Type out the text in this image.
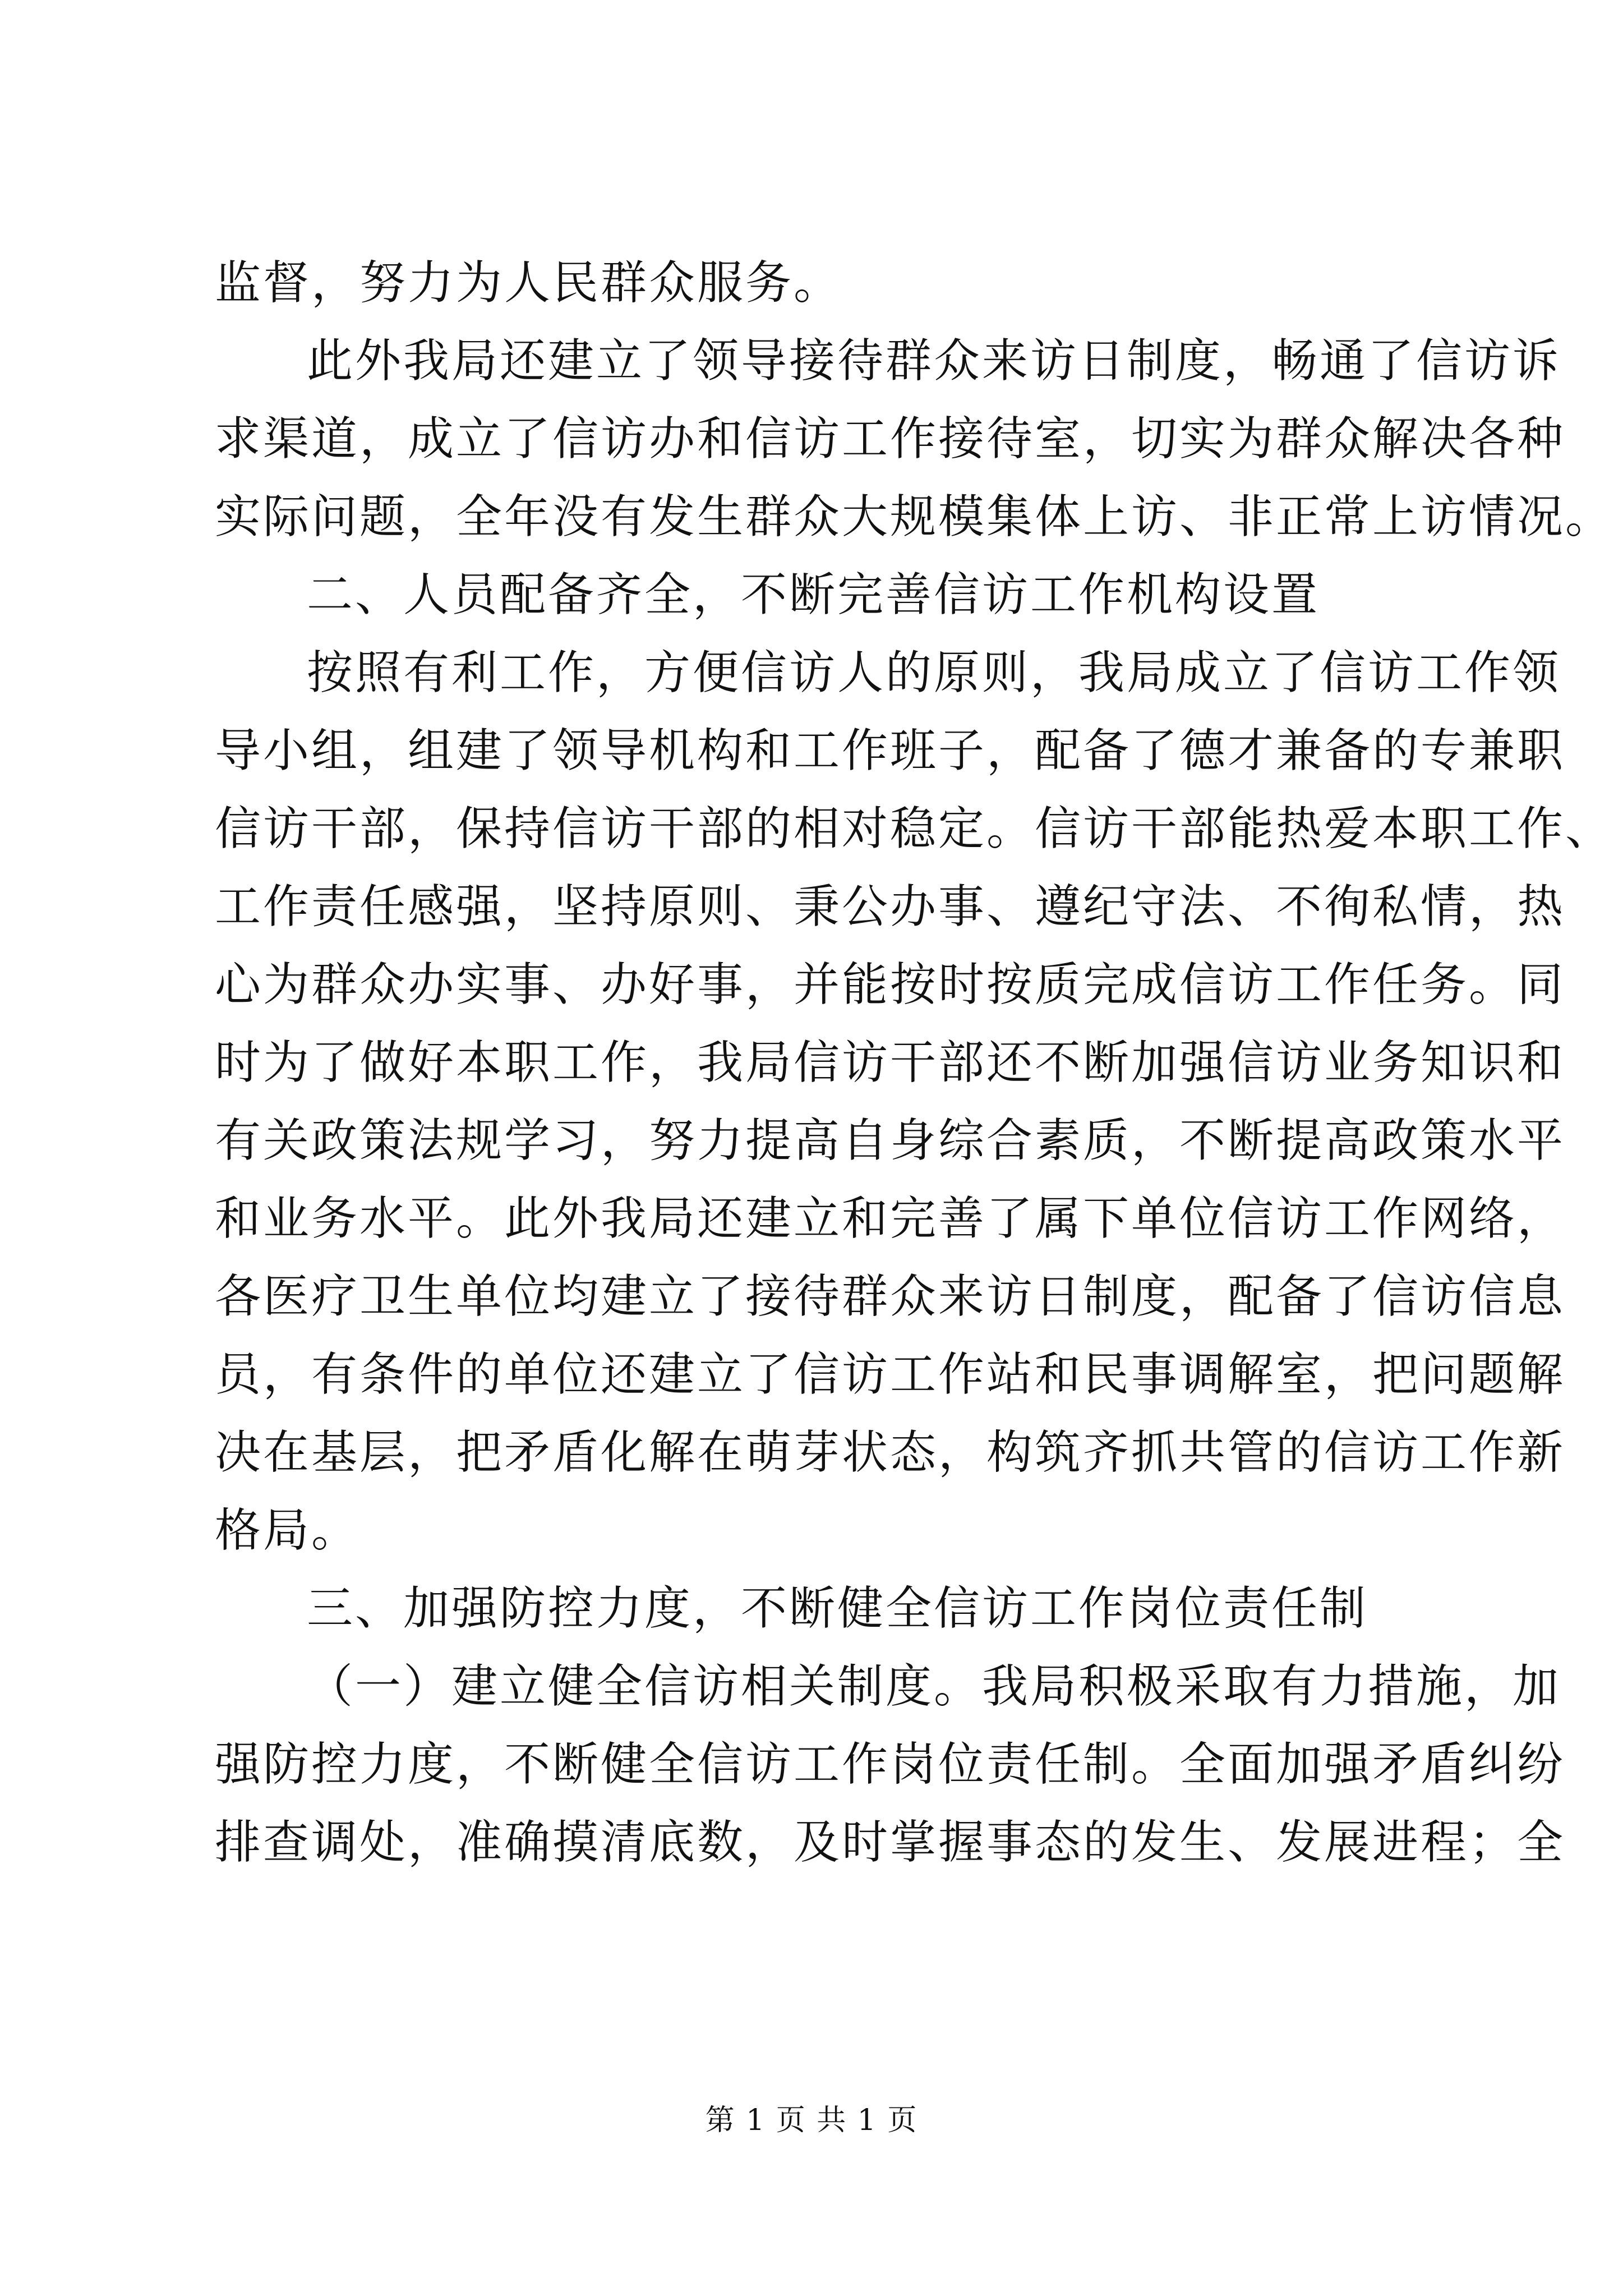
监督，努力为人民群众服务。
此外我局还建立了领导接待群众来访日制度，畅通了信访诉
求渠道，成立了信访办和信访工作接待室，切实为群众解决各种
实际问题，全年没有发生群众大规模集体上访、非正常上访情况。
二、人员配备齐全，不断完善信访工作机构设置
按照有利工作，方便信访人的原则，我局成立了信访工作领
导小组，组建了领导机构和工作班子，配备了德才兼备的专兼职
信访干部，保持信访干部的相对稳定。信访干部能热爱本职工作、
工作责任感强，坚持原则、秉公办事、遵纪守法、不徇私情，热
心为群众办实事、办好事，并能按时按质完成信访工作任务。同
时为了做好本职工作，我局信访干部还不断加强信访业务知识和
有关政策法规学习，努力提高自身综合素质，不断提高政策水平
和业务水平。此外我局还建立和完善了属下单位信访工作网络，
各医疗卫生单位均建立了接待群众来访日制度，配备了信访信息
员，有条件的单位还建立了信访工作站和民事调解室，把问题解
决在基层，把矛盾化解在萌芽状态，构筑齐抓共管的信访工作新
格局。
三、加强防控力度，不断健全信访工作岗位责任制
（一）建立健全信访相关制度。我局积极采取有力措施，加
强防控力度，不断健全信访工作岗位责任制。全面加强矛盾纠纷
排查调处，准确摸清底数，及时掌握事态的发生、发展进程；全
第 1 页 共 1 页
